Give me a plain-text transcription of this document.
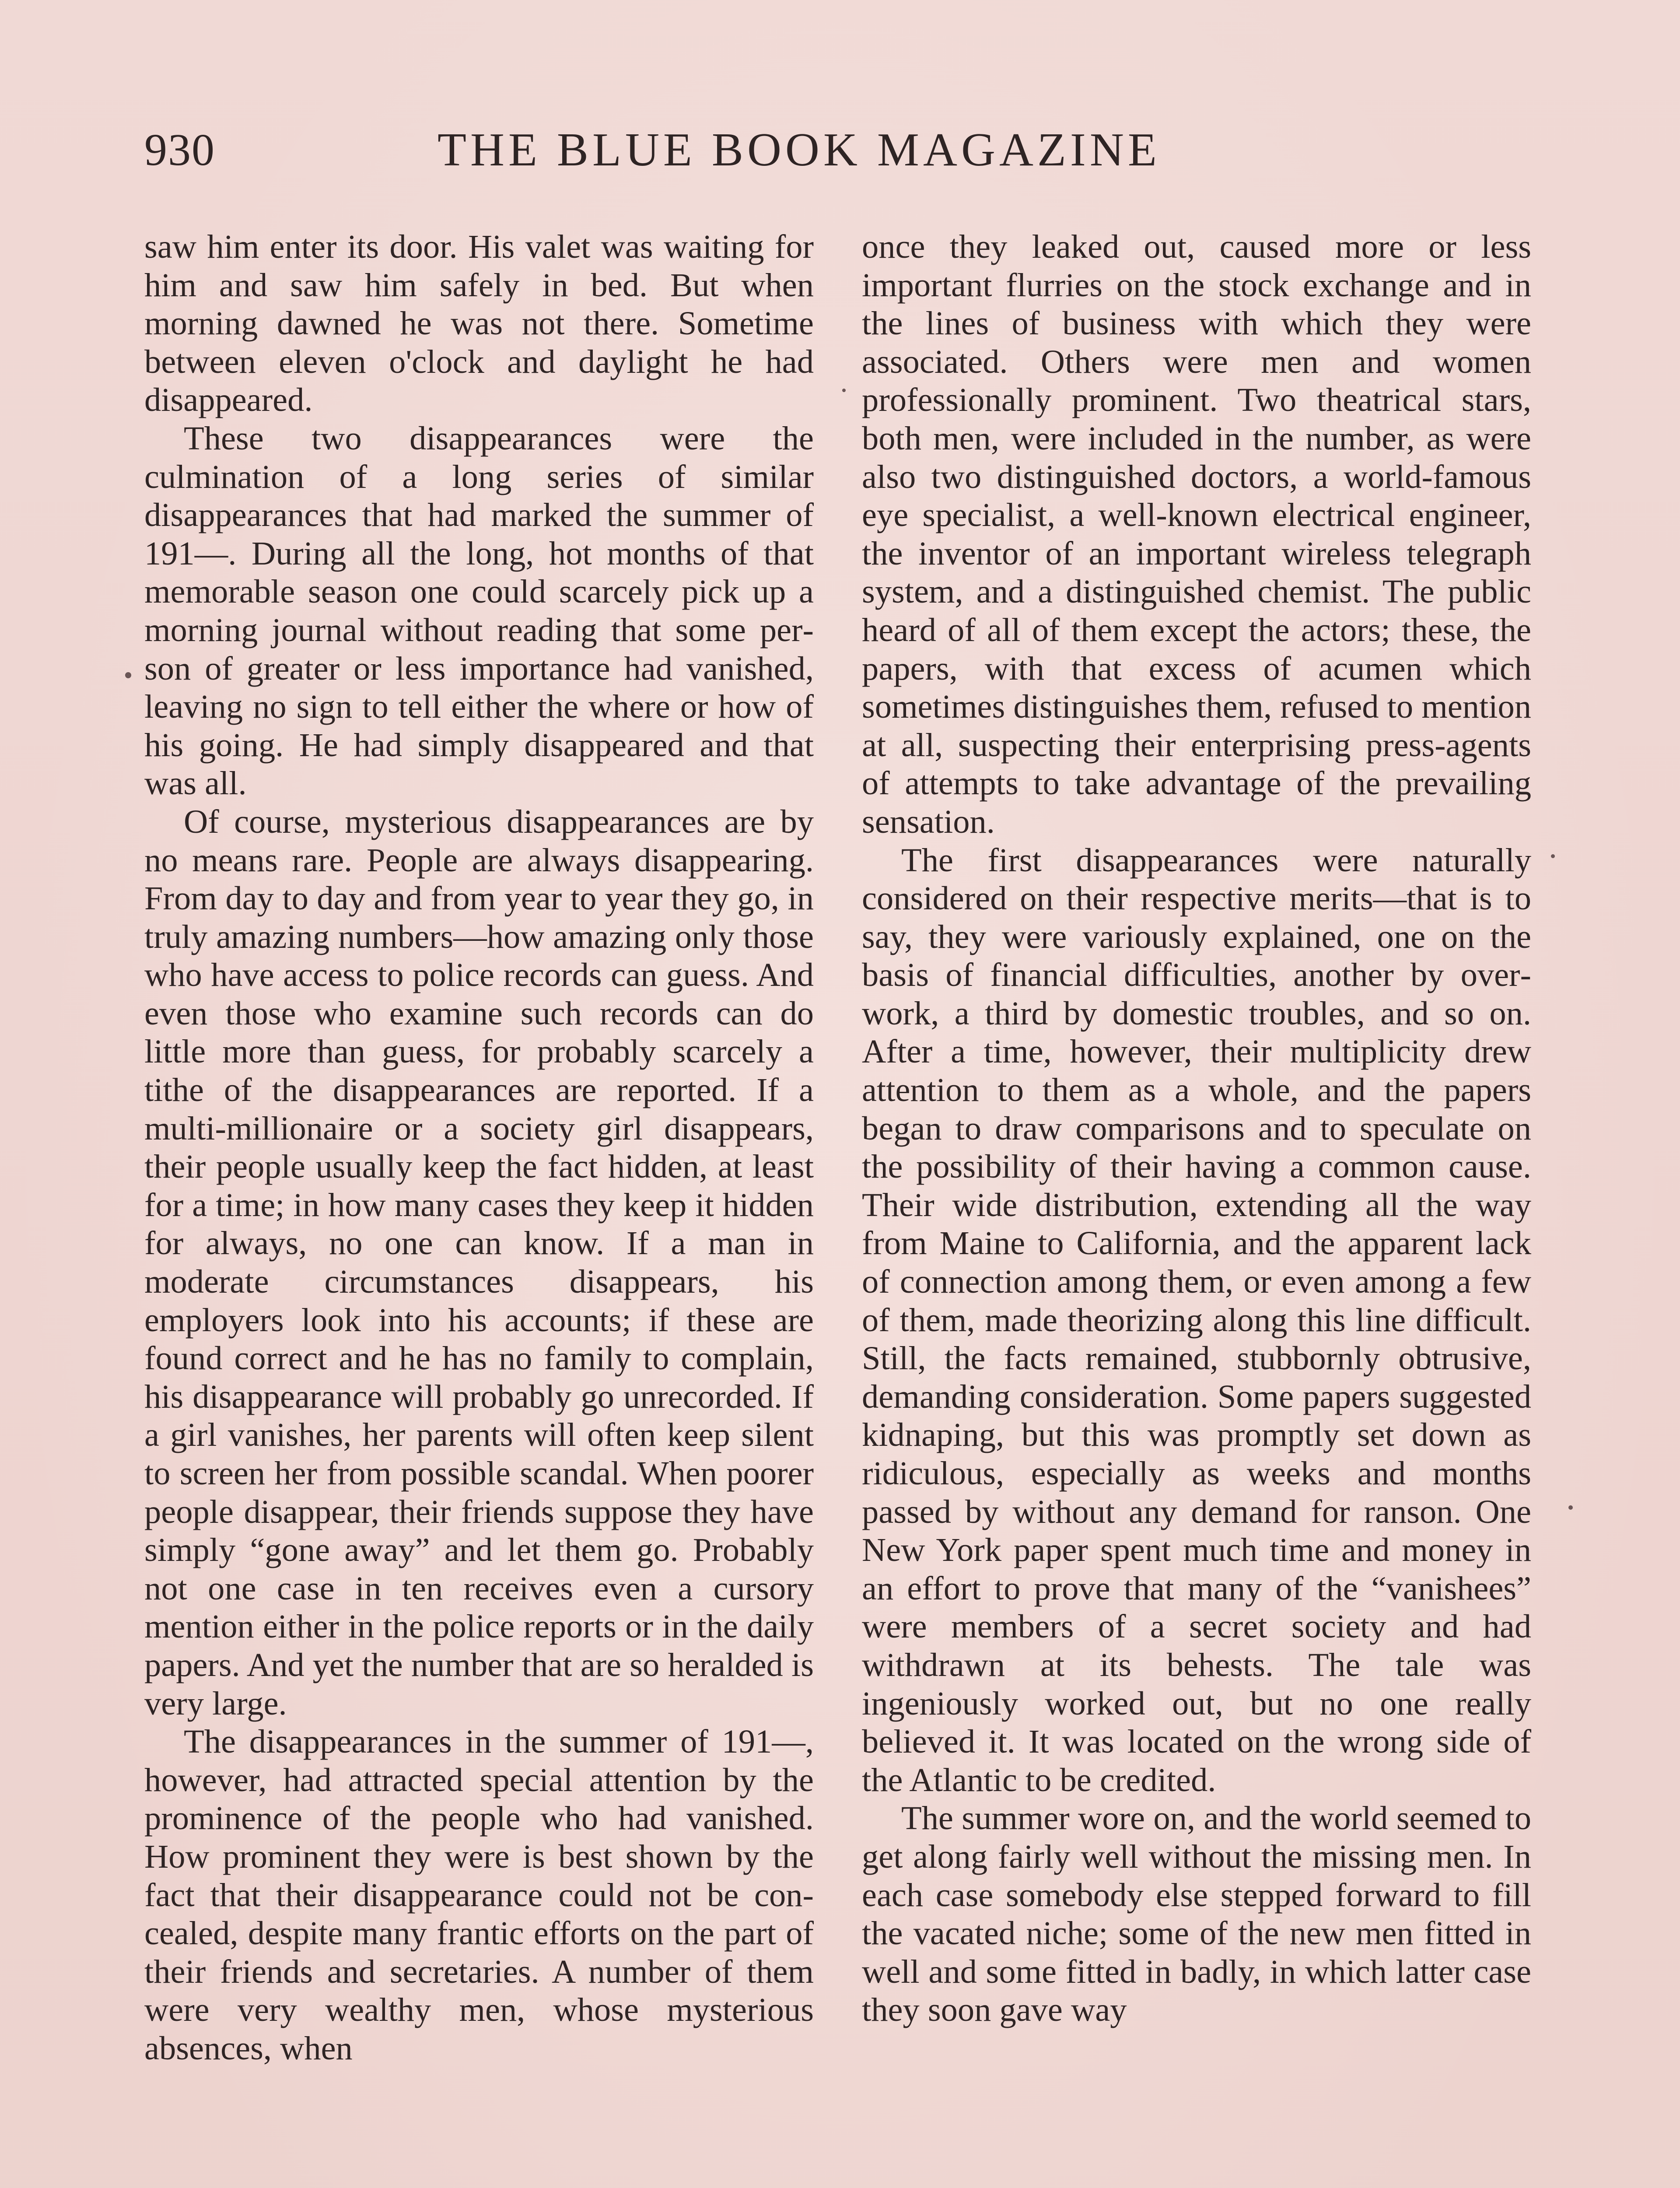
930	THE BLUE BOOK MAGAZINE

saw him enter its door. His valet was waiting for him and saw him safely in bed. But when morning dawned he was not there. Sometime between eleven o'clock and daylight he had disappeared.

These two disappearances were the culmination of a long series of similar disappearances that had marked the summer of 191—. During all the long, hot months of that memorable season one could scarcely pick up a morning journal without reading that some person of greater or less importance had vanished, leaving no sign to tell either the where or how of his going. He had simply disappeared and that was all.

Of course, mysterious disappearances are by no means rare. People are always disappearing. From day to day and from year to year they go, in truly amazing numbers—how amazing only those who have access to police records can guess. And even those who examine such records can do little more than guess, for probably scarcely a tithe of the disappearances are reported. If a multi-millionaire or a society girl disappears, their people usually keep the fact hidden, at least for a time; in how many cases they keep it hidden for always, no one can know. If a man in moderate circumstances disappears, his employers look into his accounts; if these are found correct and he has no family to complain, his disappearance will probably go unrecorded. If a girl vanishes, her parents will often keep silent to screen her from possible scandal. When poorer people disappear, their friends suppose they have simply “gone away” and let them go. Probably not one case in ten receives even a cursory mention either in the police reports or in the daily papers. And yet the number that are so heralded is very large.

The disappearances in the summer of 191—, however, had attracted special attention by the prominence of the people who had vanished. How prominent they were is best shown by the fact that their disappearance could not be concealed, despite many frantic efforts on the part of their friends and secretaries. A number of them were very wealthy men, whose mysterious absences, when

once they leaked out, caused more or less important flurries on the stock exchange and in the lines of business with which they were associated. Others were men and women professionally prominent. Two theatrical stars, both men, were included in the number, as were also two distinguished doctors, a world-famous eye specialist, a well-known electrical engineer, the inventor of an important wireless telegraph system, and a distinguished chemist. The public heard of all of them except the actors; these, the papers, with that excess of acumen which sometimes distinguishes them, refused to mention at all, suspecting their enterprising press-agents of attempts to take advantage of the prevailing sensation.

The first disappearances were naturally considered on their respective merits—that is to say, they were variously explained, one on the basis of financial difficulties, another by overwork, a third by domestic troubles, and so on. After a time, however, their multiplicity drew attention to them as a whole, and the papers began to draw comparisons and to speculate on the possibility of their having a common cause. Their wide distribution, extending all the way from Maine to California, and the apparent lack of connection among them, or even among a few of them, made theorizing along this line difficult. Still, the facts remained, stubbornly obtrusive, demanding consideration. Some papers suggested kidnaping, but this was promptly set down as ridiculous, especially as weeks and months passed by without any demand for ranson. One New York paper spent much time and money in an effort to prove that many of the “vanishees” were members of a secret society and had withdrawn at its behests. The tale was ingeniously worked out, but no one really believed it. It was located on the wrong side of the Atlantic to be credited.

The summer wore on, and the world seemed to get along fairly well without the missing men. In each case somebody else stepped forward to fill the vacated niche; some of the new men fitted in well and some fitted in badly, in which latter case they soon gave way
